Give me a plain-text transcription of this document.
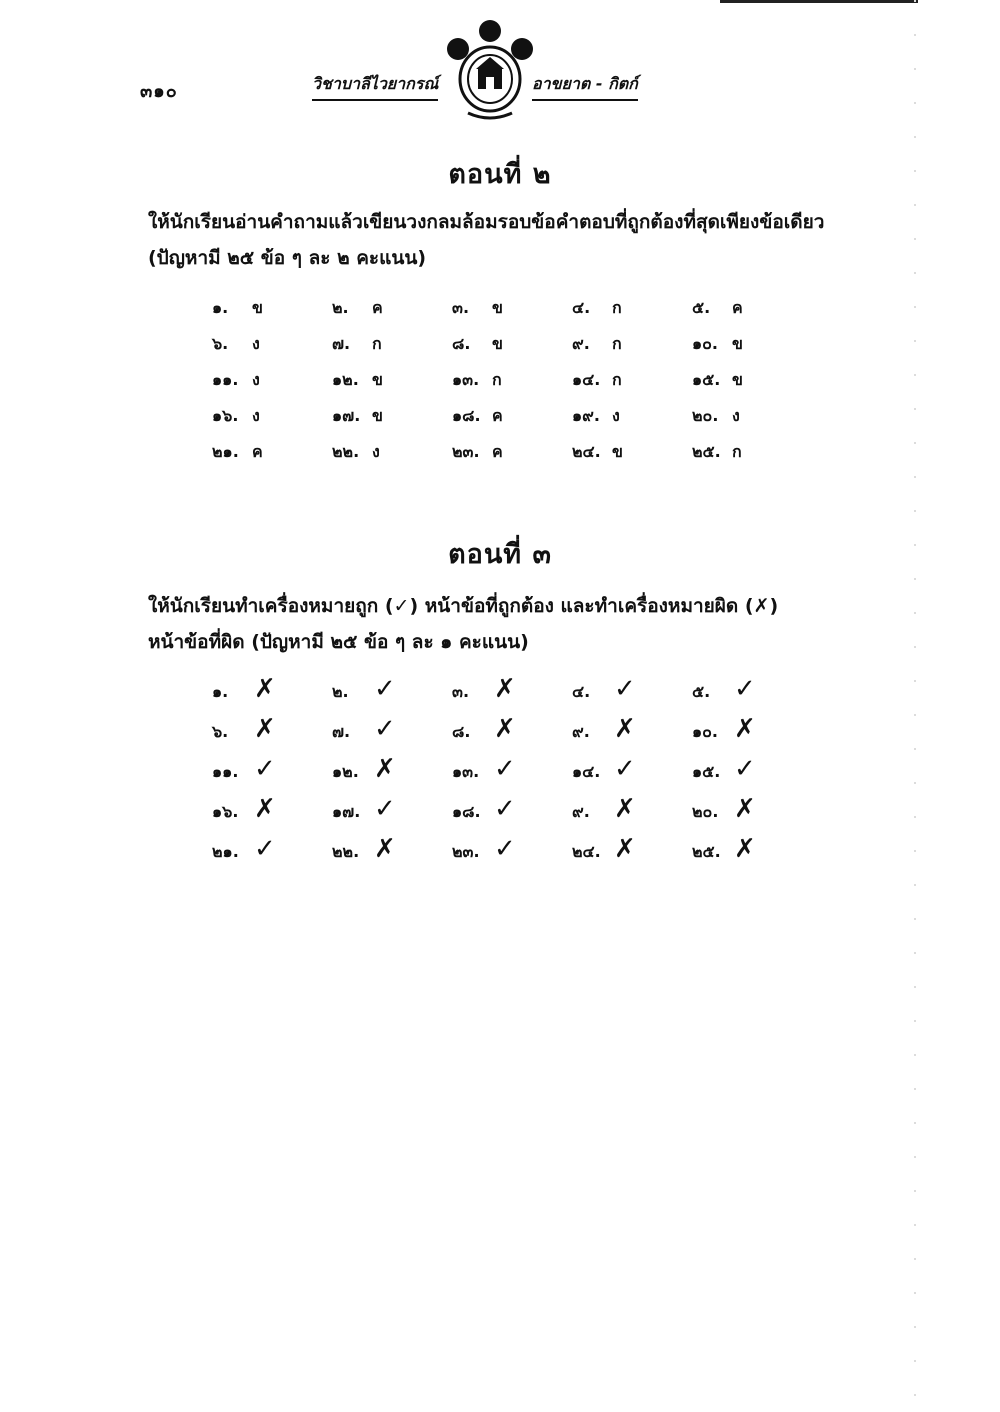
๓๑๐	วิชาบาลีไวยากรณ์	อาขยาต - กิตก์
ตอนที่ ๒
ให้นักเรียนอ่านคำถามแล้วเขียนวงกลมล้อมรอบข้อคำตอบที่ถูกต้องที่สุดเพียงข้อเดียว
(ปัญหามี ๒๕ ข้อ ๆ ละ ๒ คะแนน)
๑.	ข	๒.	ค	๓.	ข	๔.	ก	๕.	ค
๖.	ง	๗.	ก	๘.	ข	๙.	ก	๑๐. ข
๑๑. ง	๑๒. ข	๑๓. ก	๑๔. ก	๑๕. ข
๑๖. ง	๑๗. ข	๑๘. ค	๑๙. ง	๒๐. ง
๒๑. ค	๒๒. ง	๒๓. ค	๒๔. ข	๒๕. ก
ตอนที่ ๓
ให้นักเรียนทำเครื่องหมายถูก (✓) หน้าข้อที่ถูกต้อง และทำเครื่องหมายผิด (✗)
หน้าข้อที่ผิด (ปัญหามี ๒๕ ข้อ ๆ ละ ๑ คะแนน)
๑. ✗	๒. ✓	๓. ✗	๔. ✓	๕. ✓
๖. ✗	๗. ✓	๘. ✗	๙. ✗	๑๐. ✗
๑๑. ✓	๑๒. ✗	๑๓. ✓	๑๔. ✓	๑๕. ✓
๑๖. ✗	๑๗. ✓	๑๘. ✓	๙. ✗	๒๐. ✗
๒๑. ✓	๒๒. ✗	๒๓. ✓	๒๔. ✗	๒๕. ✗
